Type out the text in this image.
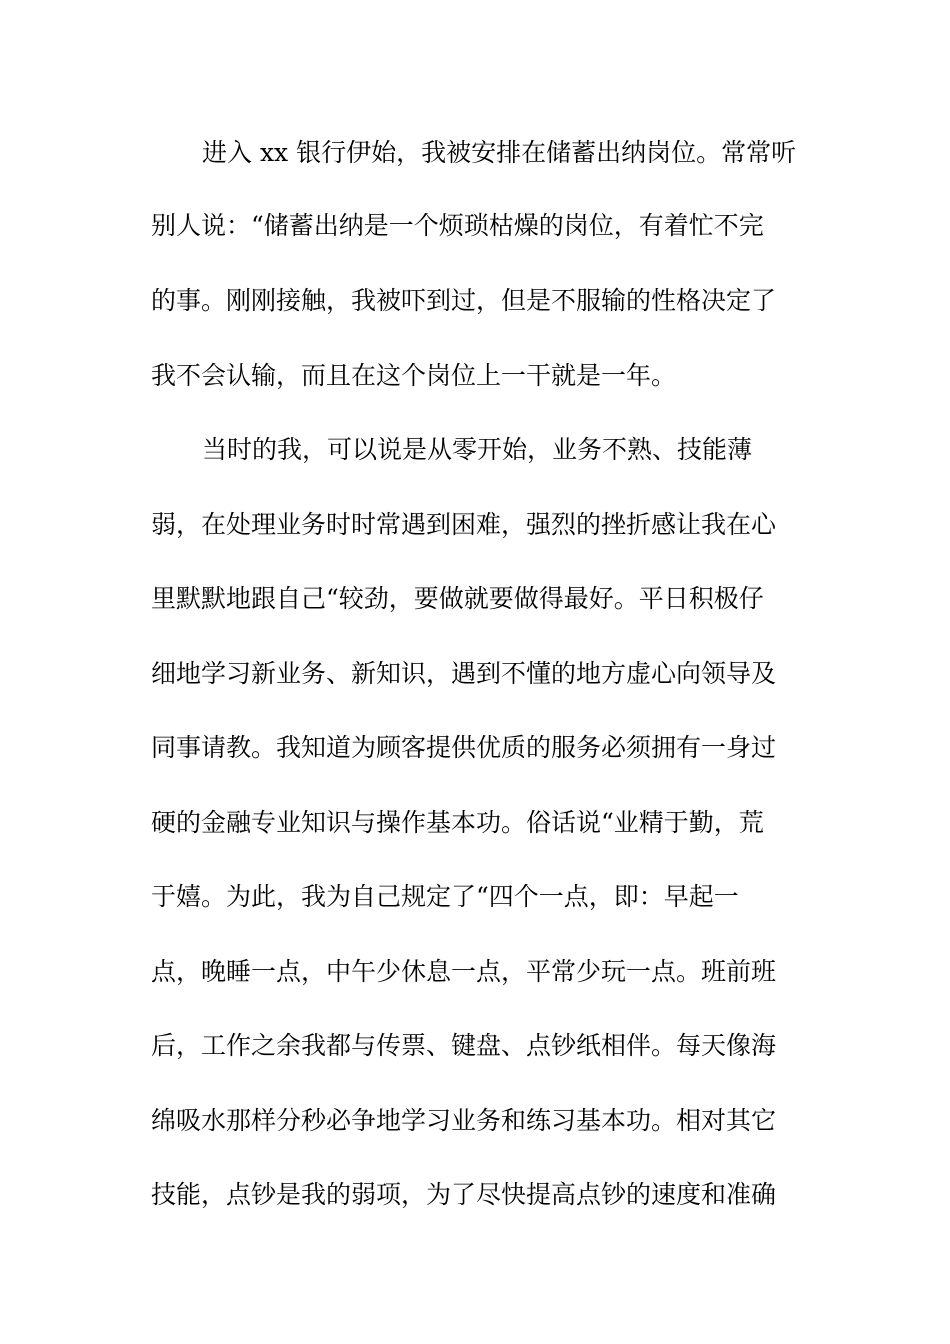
进入 xx 银行伊始，我被安排在储蓄出纳岗位。常常听
别人说：“储蓄出纳是一个烦琐枯燥的岗位，有着忙不完
的事。刚刚接触，我被吓到过，但是不服输的性格决定了
我不会认输，而且在这个岗位上一干就是一年。
当时的我，可以说是从零开始，业务不熟、技能薄
弱，在处理业务时时常遇到困难，强烈的挫折感让我在心
里默默地跟自己“较劲，要做就要做得最好。平日积极仔
细地学习新业务、新知识，遇到不懂的地方虚心向领导及
同事请教。我知道为顾客提供优质的服务必须拥有一身过
硬的金融专业知识与操作基本功。俗话说“业精于勤，荒
于嬉。为此，我为自己规定了“四个一点，即：早起一
点，晚睡一点，中午少休息一点，平常少玩一点。班前班
后，工作之余我都与传票、键盘、点钞纸相伴。每天像海
绵吸水那样分秒必争地学习业务和练习基本功。相对其它
技能，点钞是我的弱项，为了尽快提高点钞的速度和准确
